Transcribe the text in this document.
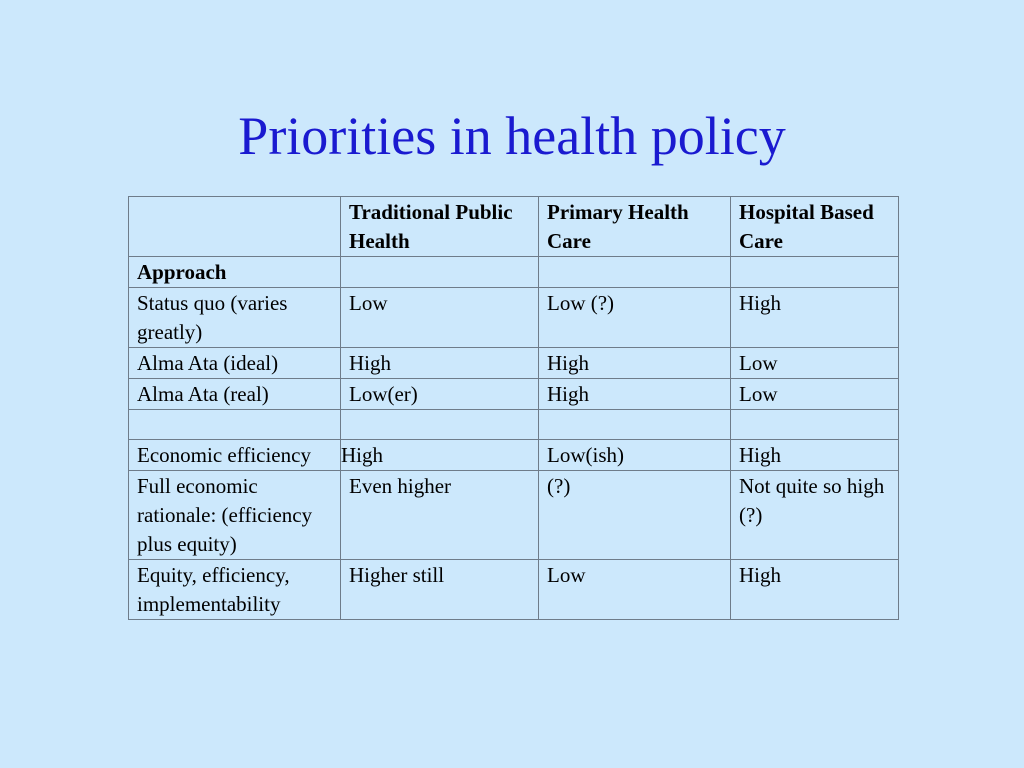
Priorities in health policy
	Traditional Public Health	Primary Health Care	Hospital Based Care
Approach			
Status quo (varies greatly)	Low	Low (?)	High
Alma Ata (ideal)	High	High	Low
Alma Ata (real)	Low(er)	High	Low

Economic efficiency	High	Low(ish)	High
Full economic rationale: (efficiency plus equity)	Even higher	(?)	Not quite so high (?)
Equity, efficiency, implementability	Higher still	Low	High
